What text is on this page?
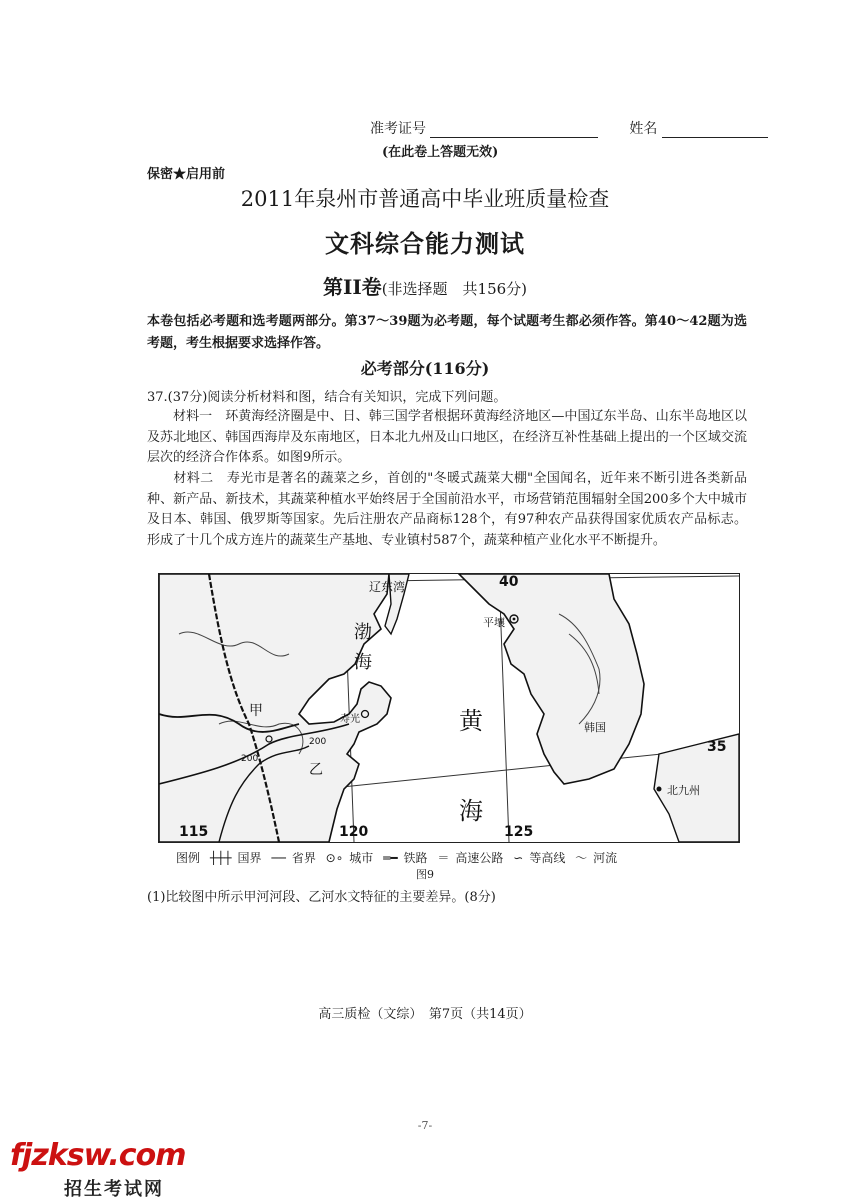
准考证号	姓名
(在此卷上答题无效)
保密★启用前
2011年泉州市普通高中毕业班质量检查
文科综合能力测试
第II卷(非选择题　共156分)
本卷包括必考题和选考题两部分。第37～39题为必考题，每个试题考生都必须作答。第40～42题为选考题，考生根据要求选择作答。
必考部分(116分)
37.(37分)阅读分析材料和图，结合有关知识，完成下列问题。
材料一　环黄海经济圈是中、日、韩三国学者根据环黄海经济地区—中国辽东半岛、山东半岛地区以及苏北地区、韩国西海岸及东南地区，日本北九州及山口地区，在经济互补性基础上提出的一个区域交流层次的经济合作体系。如图9所示。
材料二　寿光市是著名的蔬菜之乡，首创的"冬暖式蔬菜大棚"全国闻名，近年来不断引进各类新品种、新产品、新技术，其蔬菜种植水平始终居于全国前沿水平，市场营销范围辐射全国200多个大中城市及日本、韩国、俄罗斯等国家。先后注册农产品商标128个，有97种农产品获得国家优质农产品标志。形成了十几个成方连片的蔬菜生产基地、专业镇村587个，蔬菜种植产业化水平不断提升。
辽东湾
渤
海
黄
海
平壤
寿光
甲
乙
韩国
北九州
200
200
40
35
115	120	125
图例 ┼┼┼ 国界 ── 省界 ⊙∘ 城市 ═━ 铁路 ＝ 高速公路 ∽ 等高线 〜 河流
图9
(1)比较图中所示甲河河段、乙河水文特征的主要差异。(8分)
高三质检（文综）　第7页（共14页）
-7-
fjzksw.com
招生考试网
